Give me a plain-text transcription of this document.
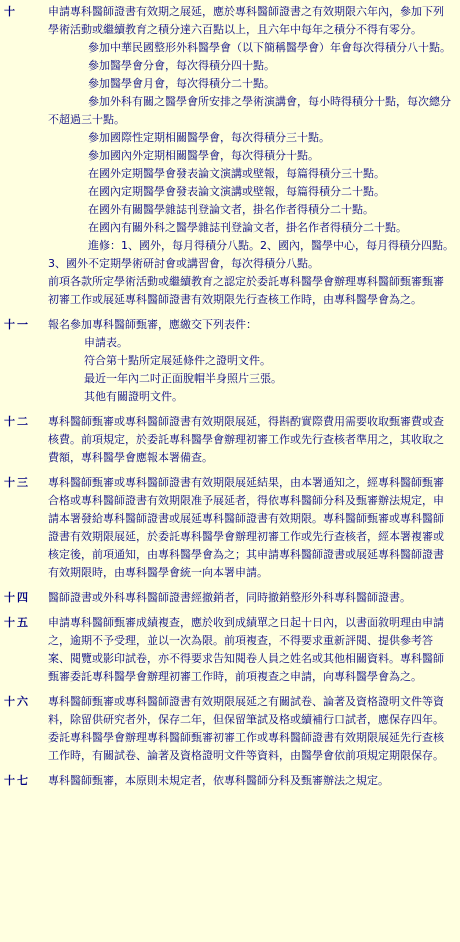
十	申請專科醫師證書有效期之展延，應於專科醫師證書之有效期限六年內，參加下列學術活動或繼續教育之積分達六百點以上，且六年中每年之積分不得有零分。
參加中華民國整形外科醫學會（以下簡稱醫學會）年會每次得積分八十點。
參加醫學會分會，每次得積分四十點。
參加醫學會月會，每次得積分二十點。
參加外科有關之醫學會所安排之學術演講會，每小時得積分十點，每次總分不超過三十點。
參加國際性定期相關醫學會，每次得積分三十點。
參加國內外定期相關醫學會，每次得積分十點。
在國外定期醫學會發表論文演講或壁報，每篇得積分三十點。
在國內定期醫學會發表論文演講或壁報，每篇得積分二十點。
在國外有關醫學雜誌刊登論文者，掛名作者得積分二十點。
在國內有關外科之醫學雜誌刊登論文者，掛名作者得積分二十點。
進修：1、國外，每月得積分八點。2、國內，醫學中心，每月得積分四點。3、國外不定期學術研討會或講習會，每次得積分八點。
前項各款所定學術活動或繼續教育之認定於委託專科醫學會辦理專科醫師甄審甄審初審工作或展延專科醫師證書有效期限先行查核工作時，由專科醫學會為之。
十一	報名參加專科醫師甄審，應繳交下列表件：
申請表。
符合第十點所定展延條件之證明文件。
最近一年內二吋正面脫帽半身照片三張。
其他有關證明文件。
十二	專科醫師甄審或專科醫師證書有效期限展延，得斟酌實際費用需要收取甄審費或查核費。前項規定，於委託專科醫學會辦理初審工作或先行查核者準用之，其收取之費額，專科醫學會應報本署備查。
十三	專科醫師甄審或專科醫師證書有效期限展延結果，由本署通知之，經專科醫師甄審合格或專科醫師證書有效期限准予展延者，得依專科醫師分科及甄審辦法規定，申請本署發給專科醫師證書或展延專科醫師證書有效期限。專科醫師甄審或專科醫師證書有效期限展延，於委託專科醫學會辦理初審工作或先行查核者，經本署複審或核定後，前項通知，由專科醫學會為之；其申請專科醫師證書或展延專科醫師證書有效期限時，由專科醫學會統一向本署申請。
十四	醫師證書或外科專科醫師證書經撤銷者，同時撤銷整形外科專科醫師證書。
十五	申請專科醫師甄審成績複查，應於收到成績單之日起十日內，以書面敘明理由申請之，逾期不予受理，並以一次為限。前項複查，不得要求重新評閱、提供參考答案、閱覽或影印試卷，亦不得要求告知閱卷人員之姓名或其他相關資料。專科醫師甄審委託專科醫學會辦理初審工作時，前項複查之申請，向專科醫學會為之。
十六	專科醫師甄審或專科醫師證書有效期限展延之有關試卷、論著及資格證明文件等資料，除留供研究者外，保存二年，但保留筆試及格或續補行口試者，應保存四年。委託專科醫學會辦理專科醫師甄審初審工作或專科醫師證書有效期限展延先行查核工作時，有關試卷、論著及資格證明文件等資料，由醫學會依前項規定期限保存。
十七	專科醫師甄審，本原則未規定者，依專科醫師分科及甄審辦法之規定。
